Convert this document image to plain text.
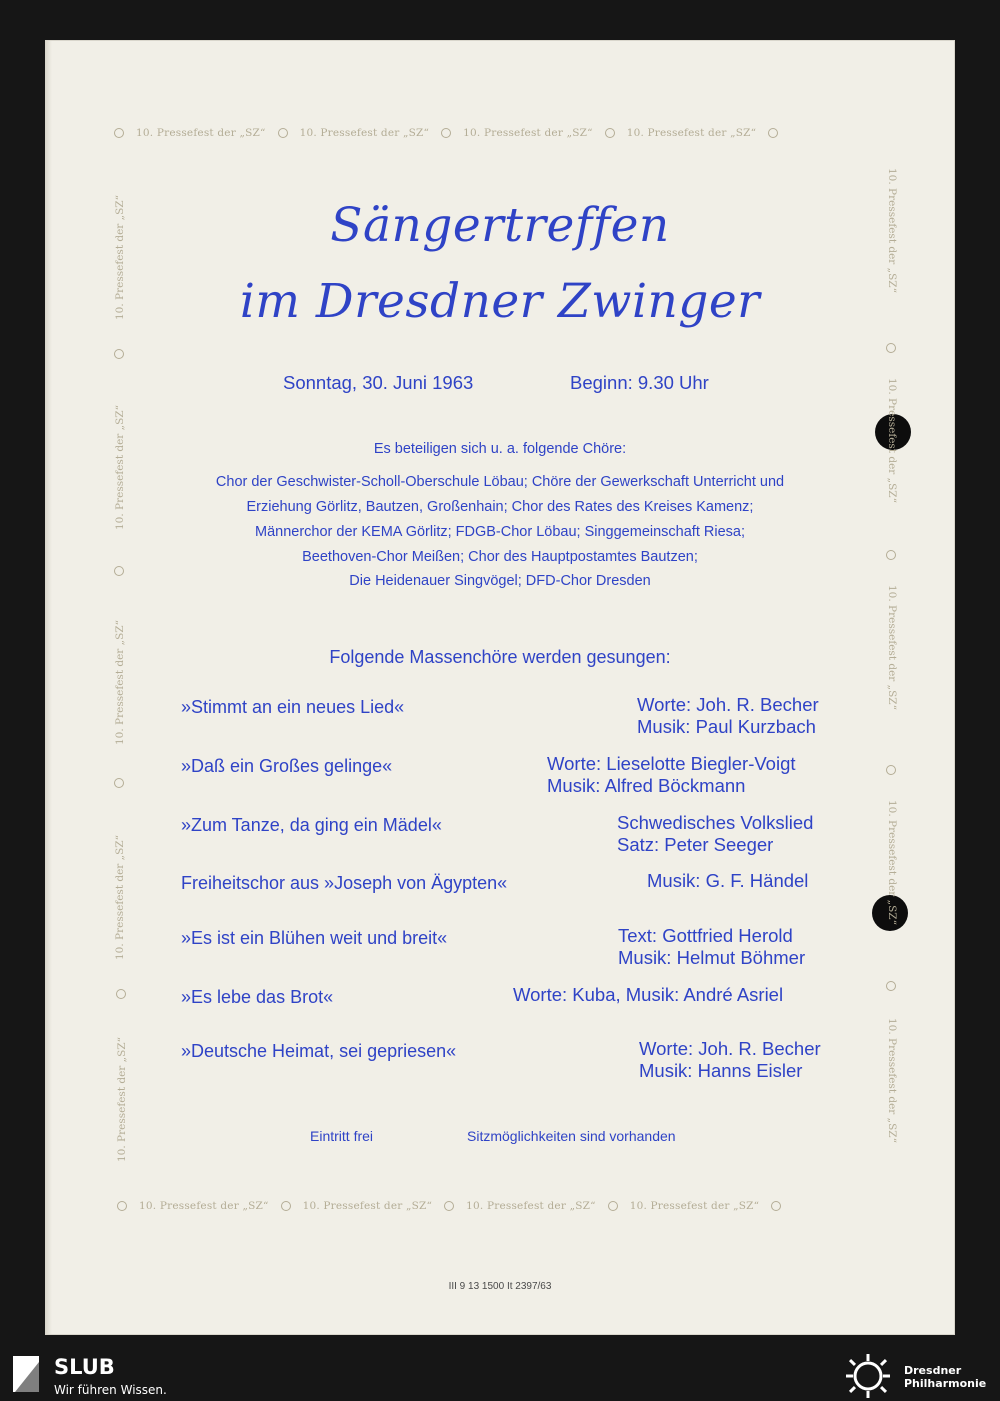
10. Pressefest der „SZ“	10. Pressefest der „SZ“	10. Pressefest der „SZ“	10. Pressefest der „SZ“
10. Pressefest der „SZ“	10. Pressefest der „SZ“	10. Pressefest der „SZ“	10. Pressefest der „SZ“
10. Pressefest der „SZ“
10. Pressefest der „SZ“
10. Pressefest der „SZ“
10. Pressefest der „SZ“
10. Pressefest der „SZ“
10. Pressefest der „SZ“
10. Pressefest der „SZ“
10. Pressefest der „SZ“
10. Pressefest der „SZ“
10. Pressefest der „SZ“
Sängertreffen
im Dresdner Zwinger
Sonntag, 30. Juni 1963	Beginn: 9.30 Uhr
Es beteiligen sich u. a. folgende Chöre:
Chor der Geschwister-Scholl-Oberschule Löbau; Chöre der Gewerkschaft Unterricht und
Erziehung Görlitz, Bautzen, Großenhain; Chor des Rates des Kreises Kamenz;
Männerchor der KEMA Görlitz; FDGB-Chor Löbau; Singgemeinschaft Riesa;
Beethoven-Chor Meißen; Chor des Hauptpostamtes Bautzen;
Die Heidenauer Singvögel; DFD-Chor Dresden
Folgende Massenchöre werden gesungen:
»Stimmt an ein neues Lied«	Worte: Joh. R. Becher
Musik: Paul Kurzbach
»Daß ein Großes gelinge«	Worte: Lieselotte Biegler-Voigt
Musik: Alfred Böckmann
»Zum Tanze, da ging ein Mädel«	Schwedisches Volkslied
Satz: Peter Seeger
Freiheitschor aus »Joseph von Ägypten«	Musik: G. F. Händel
»Es ist ein Blühen weit und breit«	Text: Gottfried Herold
Musik: Helmut Böhmer
»Es lebe das Brot«	Worte: Kuba, Musik: André Asriel
»Deutsche Heimat, sei gepriesen«	Worte: Joh. R. Becher
Musik: Hanns Eisler
Eintritt frei	Sitzmöglichkeiten sind vorhanden
III 9 13 1500 It 2397/63
SLUB
Wir führen Wissen.
Dresdner
Philharmonie
